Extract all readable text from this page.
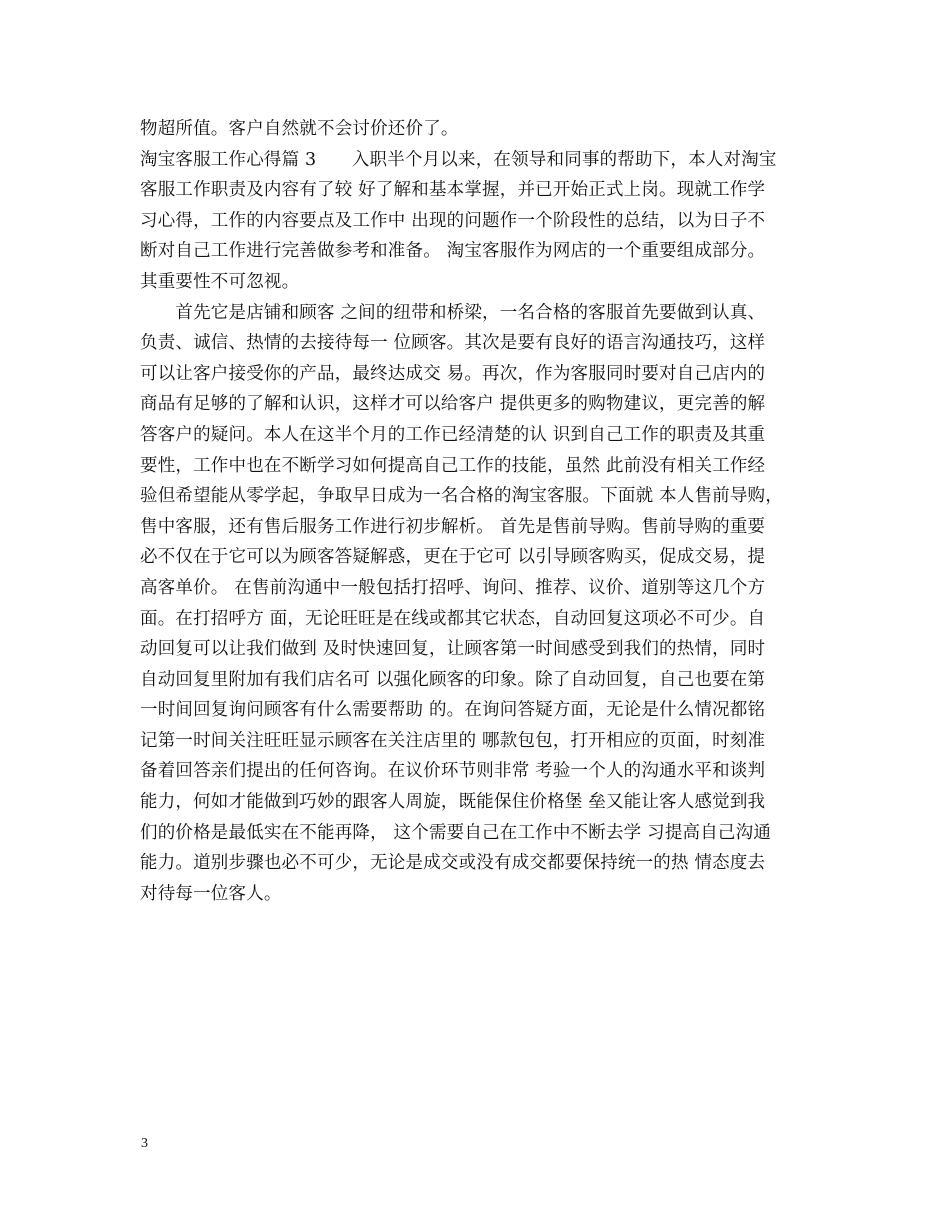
物超所值。客户自然就不会讨价还价了。
淘宝客服工作心得篇 3　　入职半个月以来，在领导和同事的帮助下，本人对淘宝
客服工作职责及内容有了较 好了解和基本掌握，并已开始正式上岗。现就工作学
习心得，工作的内容要点及工作中 出现的问题作一个阶段性的总结，以为日子不
断对自己工作进行完善做参考和准备。 淘宝客服作为网店的一个重要组成部分。
其重要性不可忽视。
　　首先它是店铺和顾客 之间的纽带和桥梁，一名合格的客服首先要做到认真、
负责、诚信、热情的去接待每一 位顾客。其次是要有良好的语言沟通技巧，这样
可以让客户接受你的产品，最终达成交 易。再次，作为客服同时要对自己店内的
商品有足够的了解和认识，这样才可以给客户 提供更多的购物建议，更完善的解
答客户的疑问。本人在这半个月的工作已经清楚的认 识到自己工作的职责及其重
要性，工作中也在不断学习如何提高自己工作的技能，虽然 此前没有相关工作经
验但希望能从零学起，争取早日成为一名合格的淘宝客服。下面就 本人售前导购，
售中客服，还有售后服务工作进行初步解析。 首先是售前导购。售前导购的重要
必不仅在于它可以为顾客答疑解惑，更在于它可 以引导顾客购买，促成交易，提
高客单价。 在售前沟通中一般包括打招呼、询问、推荐、议价、道别等这几个方
面。在打招呼方 面，无论旺旺是在线或都其它状态，自动回复这项必不可少。自
动回复可以让我们做到 及时快速回复，让顾客第一时间感受到我们的热情，同时
自动回复里附加有我们店名可 以强化顾客的印象。除了自动回复，自己也要在第
一时间回复询问顾客有什么需要帮助 的。在询问答疑方面，无论是什么情况都铭
记第一时间关注旺旺显示顾客在关注店里的 哪款包包，打开相应的页面，时刻准
备着回答亲们提出的任何咨询。在议价环节则非常 考验一个人的沟通水平和谈判
能力，何如才能做到巧妙的跟客人周旋，既能保住价格堡 垒又能让客人感觉到我
们的价格是最低实在不能再降， 这个需要自己在工作中不断去学 习提高自己沟通
能力。道别步骤也必不可少，无论是成交或没有成交都要保持统一的热 情态度去
对待每一位客人。
3
